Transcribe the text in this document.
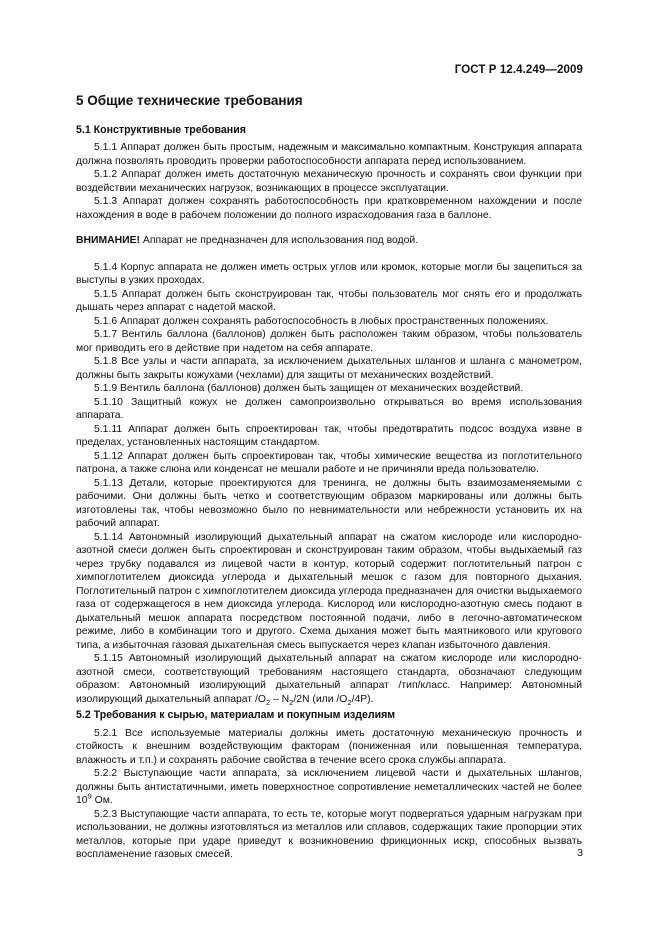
ГОСТ Р 12.4.249—2009
5 Общие технические требования
5.1 Конструктивные требования

5.1.1 Аппарат должен быть простым, надежным и максимально компактным. Конструкция аппарата должна позволять проводить проверки работоспособности аппарата перед использованием.

5.1.2 Аппарат должен иметь достаточную механическую прочность и сохранять свои функции при воздействии механических нагрузок, возникающих в процессе эксплуатации.

5.1.3 Аппарат должен сохранять работоспособность при кратковременном нахождении и после нахождения в воде в рабочем положении до полного израсходования газа в баллоне.

ВНИМАНИЕ! Аппарат не предназначен для использования под водой.

5.1.4 Корпус аппарата не должен иметь острых углов или кромок, которые могли бы зацепиться за выступы в узких проходах.

5.1.5 Аппарат должен быть сконструирован так, чтобы пользователь мог снять его и продолжать дышать через аппарат с надетой маской.

5.1.6 Аппарат должен сохранять работоспособность в любых пространственных положениях.

5.1.7 Вентиль баллона (баллонов) должен быть расположен таким образом, чтобы пользователь мог приводить его в действие при надетом на себя аппарате.

5.1.8 Все узлы и части аппарата, за исключением дыхательных шлангов и шланга с манометром, должны быть закрыты кожухами (чехлами) для защиты от механических воздействий.

5.1.9 Вентиль баллона (баллонов) должен быть защищен от механических воздействий.

5.1.10 Защитный кожух не должен самопроизвольно открываться во время использования аппарата.

5.1.11 Аппарат должен быть спроектирован так, чтобы предотвратить подсос воздуха извне в пределах, установленных настоящим стандартом.

5.1.12 Аппарат должен быть спроектирован так, чтобы химические вещества из поглотительного патрона, а также слюна или конденсат не мешали работе и не причиняли вреда пользователю.

5.1.13 Детали, которые проектируются для тренинга, не должны быть взаимозаменяемыми с рабочими. Они должны быть четко и соответствующим образом маркированы или должны быть изготовлены так, чтобы невозможно было по невнимательности или небрежности установить их на рабочий аппарат.

5.1.14 Автономный изолирующий дыхательный аппарат на сжатом кислороде или кислородно-азотной смеси должен быть спроектирован и сконструирован таким образом, чтобы выдыхаемый газ через трубку подавался из лицевой части в контур, который содержит поглотительный патрон с химпоглотителем диоксида углерода и дыхательный мешок с газом для повторного дыхания. Поглотительный патрон с химпоглотителем диоксида углерода предназначен для очистки выдыхаемого газа от содержащегося в нем диоксида углерода. Кислород или кислородно-азотную смесь подают в дыхательный мешок аппарата посредством постоянной подачи, либо в легочно-автоматическом режиме, либо в комбинации того и другого. Схема дыхания может быть маятникового или кругового типа, а избыточная газовая дыхательная смесь выпускается через клапан избыточного давления.

5.1.15 Автономный изолирующий дыхательный аппарат на сжатом кислороде или кислородно-азотной смеси, соответствующий требованиям настоящего стандарта, обозначают следующим образом: Автономный изолирующий дыхательный аппарат /тип/класс. Например: Автономный изолирующий дыхательный аппарат $/O_2 - N_2/2N$ (или $/O_2/4P$).

5.2 Требования к сырью, материалам и покупным изделиям

5.2.1 Все используемые материалы должны иметь достаточную механическую прочность и стойкость к внешним воздействующим факторам (пониженная или повышенная температура, влажность и т.п.) и сохранять рабочие свойства в течение всего срока службы аппарата.

5.2.2 Выступающие части аппарата, за исключением лицевой части и дыхательных шлангов, должны быть антистатичными, иметь поверхностное сопротивление неметаллических частей не более $10^9$ Ом.

5.2.3 Выступающие части аппарата, то есть те, которые могут подвергаться ударным нагрузкам при использовании, не должны изготовляться из металлов или сплавов, содержащих такие пропорции этих металлов, которые при ударе приведут к возникновению фрикционных искр, способных вызвать воспламенение газовых смесей.	3
